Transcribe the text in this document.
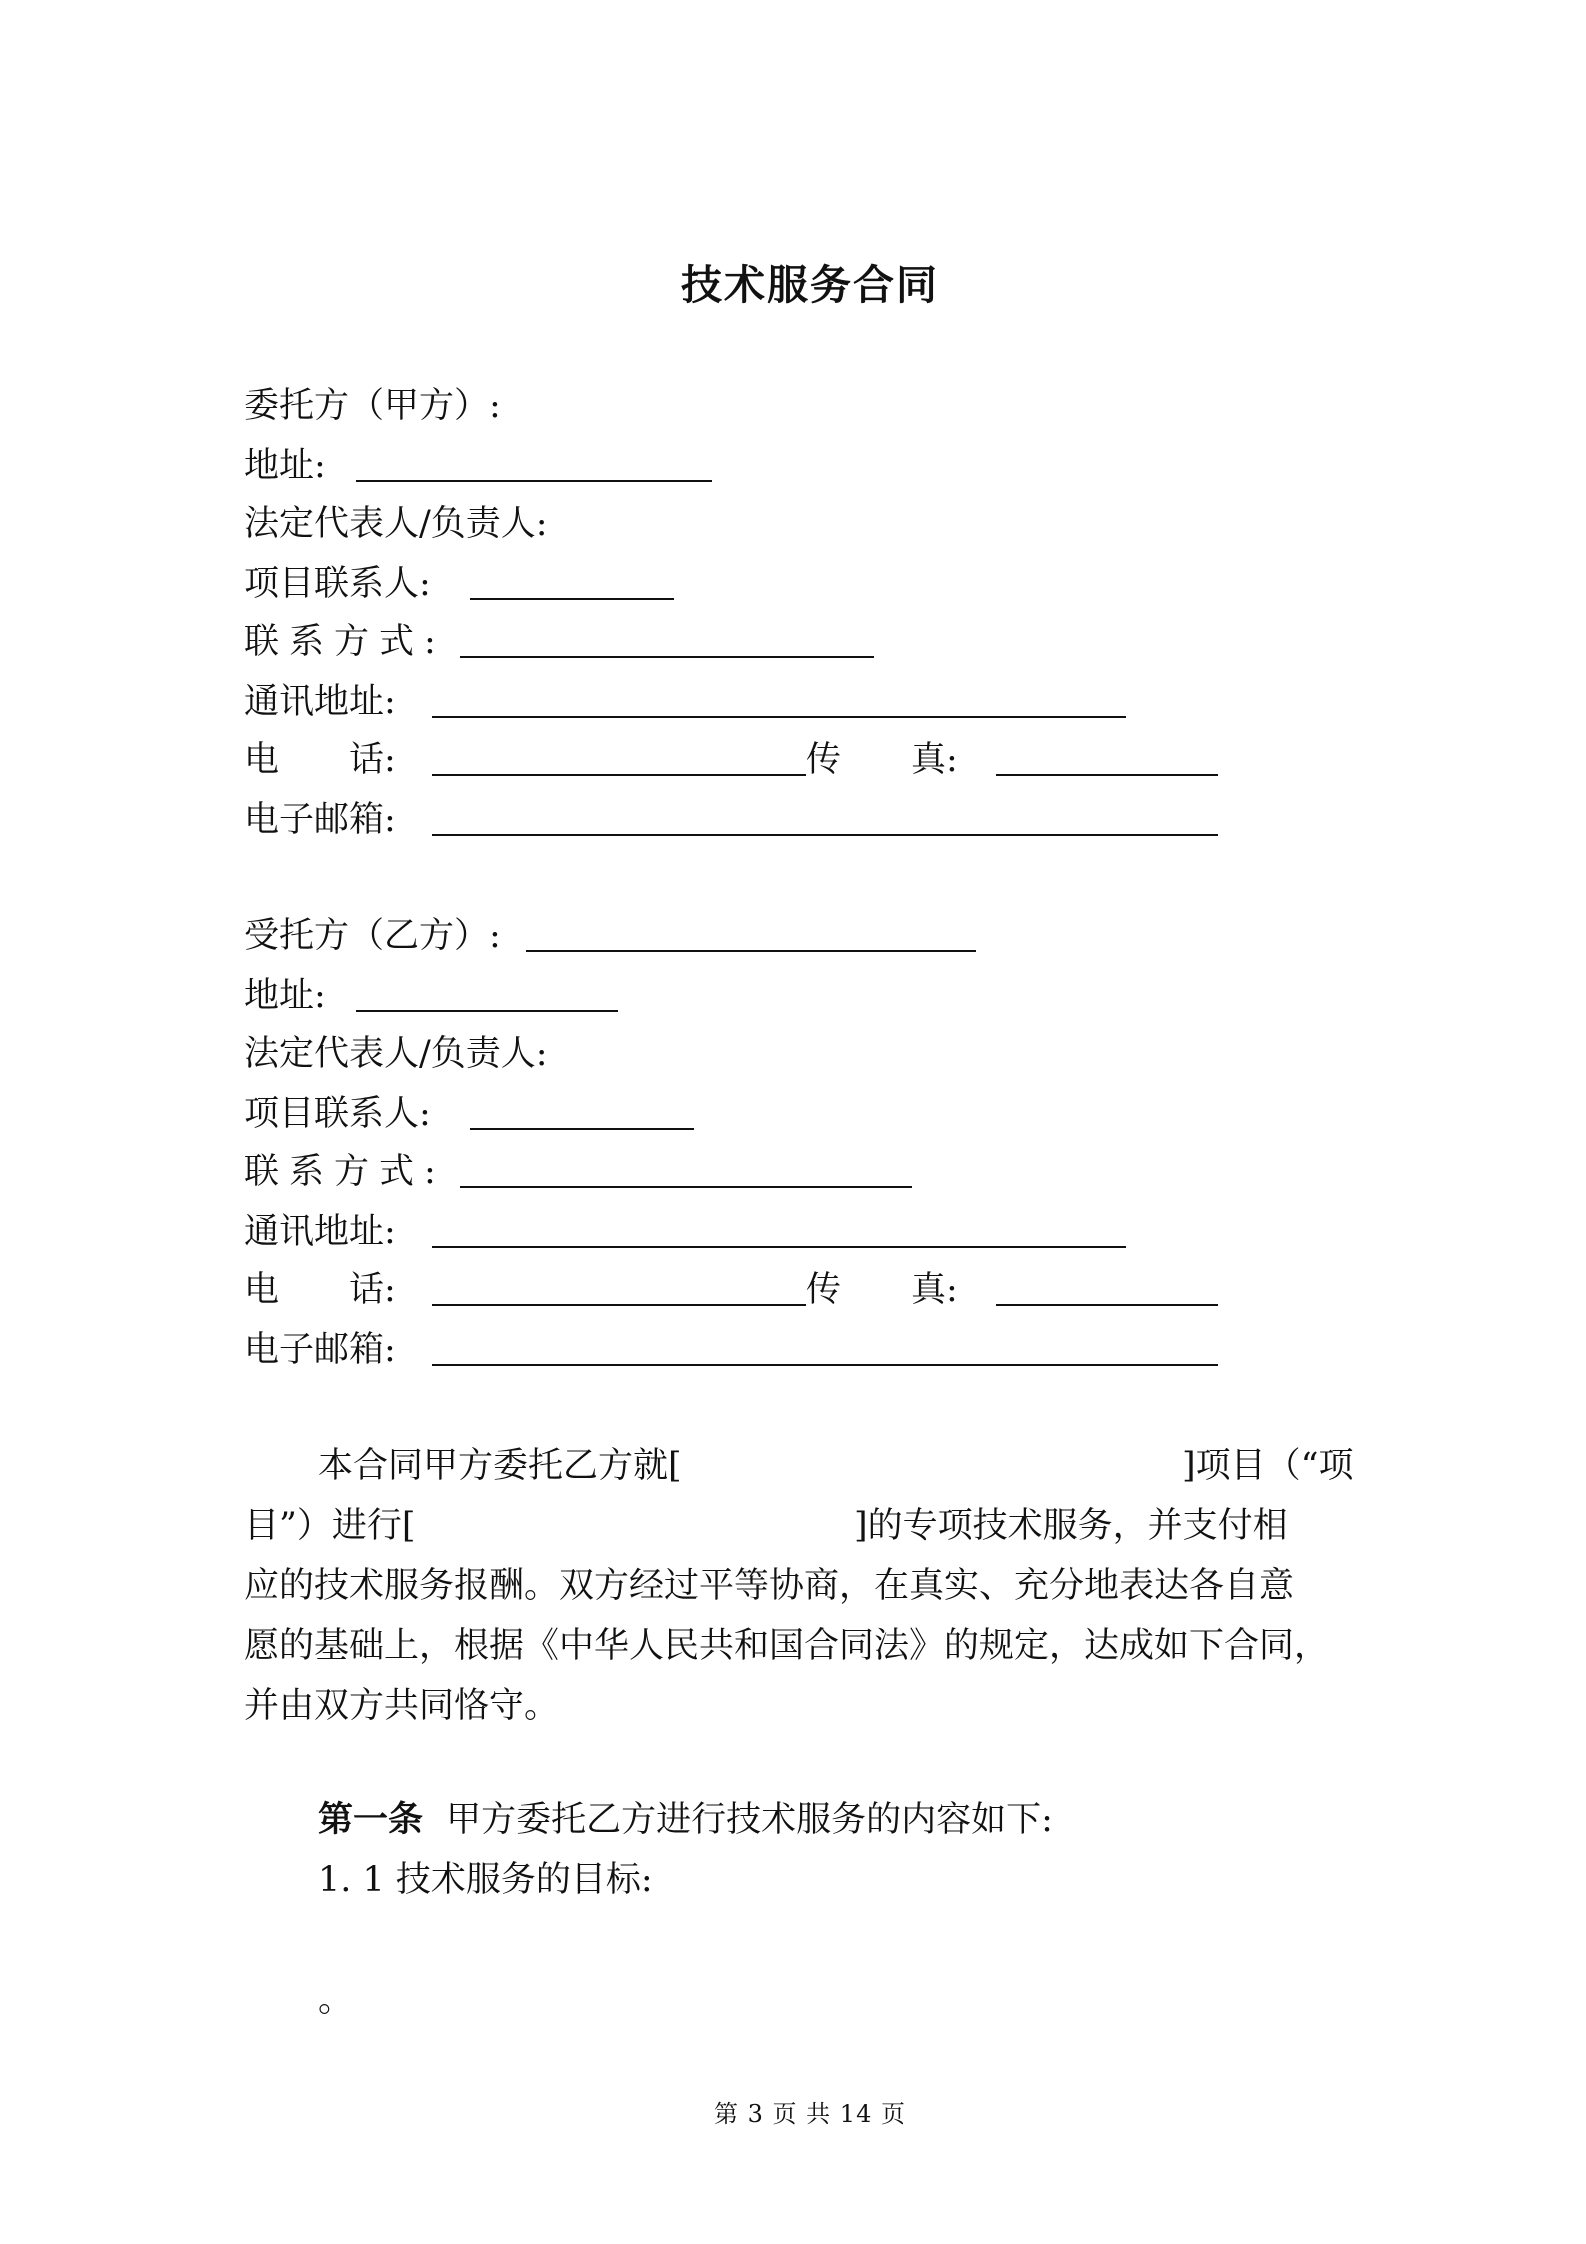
技术服务合同
委托方（甲方）:
地址:
法定代表人/负责人:
项目联系人:
联系方式:
通讯地址:
电　　话:	传　　真:
电子邮箱:
受托方（乙方）:
地址:
法定代表人/负责人:
项目联系人:
联系方式:
通讯地址:
电　　话:	传　　真:
电子邮箱:
本合同甲方委托乙方就[	]项目（“项
目”）进行[	]的专项技术服务，并支付相
应的技术服务报酬。双方经过平等协商，在真实、充分地表达各自意
愿的基础上，根据《中华人民共和国合同法》的规定，达成如下合同，
并由双方共同恪守。
第一条 甲方委托乙方进行技术服务的内容如下:
1. 1 技术服务的目标:
。
第 3 页 共 14 页
